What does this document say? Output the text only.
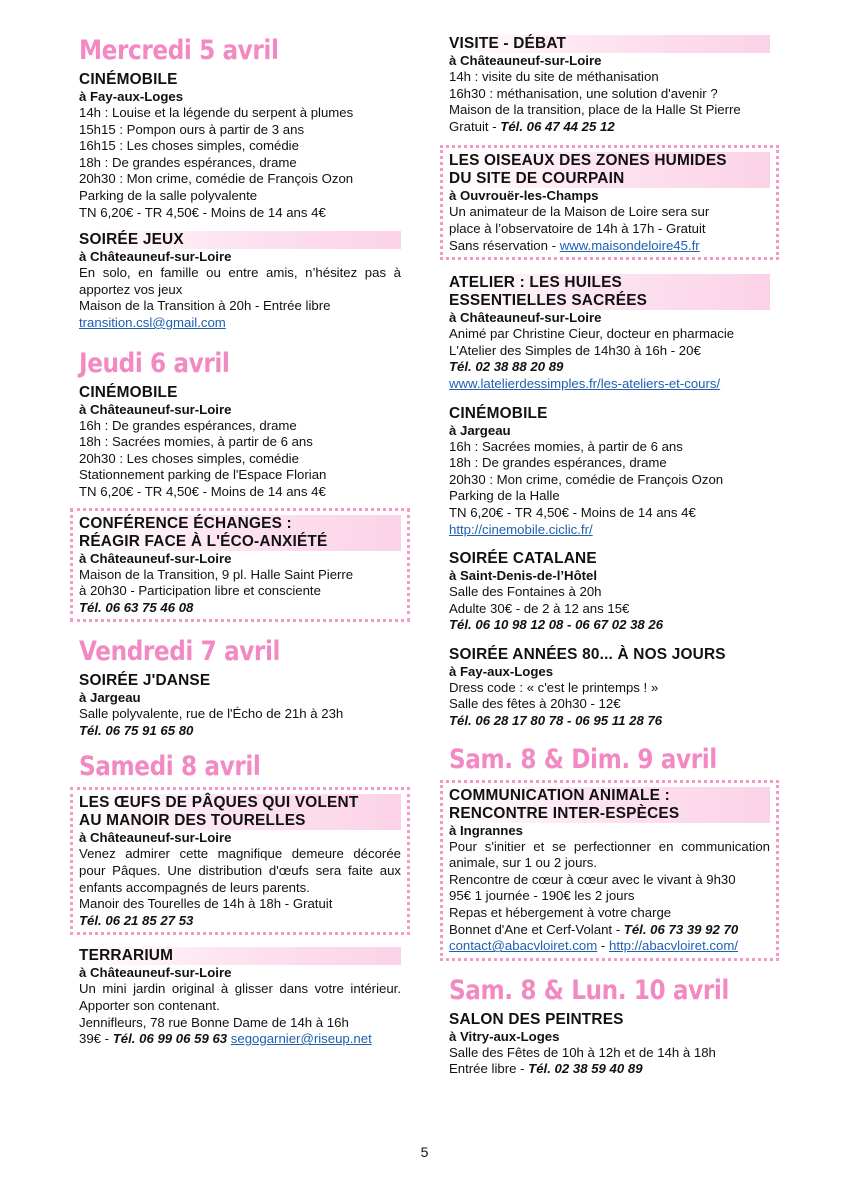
Mercredi 5 avril
CINÉMOBILE
à Fay-aux-Loges
14h : Louise et la légende du serpent à plumes
15h15 : Pompon ours à partir de 3 ans
16h15 : Les choses simples, comédie
18h : De grandes espérances, drame
20h30 : Mon crime, comédie de François Ozon
Parking de la salle polyvalente
TN 6,20€ - TR 4,50€ - Moins de 14 ans 4€
SOIRÉE JEUX
à Châteauneuf-sur-Loire
En solo, en famille ou entre amis, n’hésitez pas à apportez vos jeux
Maison de la Transition à 20h - Entrée libre
transition.csl@gmail.com
Jeudi 6 avril
CINÉMOBILE
à Châteauneuf-sur-Loire
16h : De grandes espérances, drame
18h : Sacrées momies, à partir de 6 ans
20h30 : Les choses simples, comédie
Stationnement parking de l'Espace Florian
TN 6,20€ - TR 4,50€ - Moins de 14 ans 4€
CONFÉRENCE ÉCHANGES :
RÉAGIR FACE À L'ÉCO-ANXIÉTÉ
à Châteauneuf-sur-Loire
Maison de la Transition, 9 pl. Halle Saint Pierre
à 20h30 - Participation libre et consciente
Tél. 06 63 75 46 08
Vendredi 7 avril
SOIRÉE J'DANSE
à Jargeau
Salle polyvalente, rue de l'Écho de 21h à 23h
Tél. 06 75 91 65 80
Samedi 8 avril
LES ŒUFS DE PÂQUES QUI VOLENT
AU MANOIR DES TOURELLES
à Châteauneuf-sur-Loire
Venez admirer cette magnifique demeure décorée pour Pâques. Une distribution d'œufs sera faite aux enfants accompagnés de leurs parents.
Manoir des Tourelles de 14h à 18h - Gratuit
Tél. 06 21 85 27 53
TERRARIUM
à Châteauneuf-sur-Loire
Un mini jardin original à glisser dans votre intérieur. Apporter son contenant.
Jennifleurs, 78 rue Bonne Dame de 14h à 16h
39€ - Tél. 06 99 06 59 63 segogarnier@riseup.net
VISITE - DÉBAT
à Châteauneuf-sur-Loire
14h : visite du site de méthanisation
16h30 : méthanisation, une solution d'avenir ?
Maison de la transition, place de la Halle St Pierre
Gratuit - Tél. 06 47 44 25 12
LES OISEAUX DES ZONES HUMIDES
DU SITE DE COURPAIN
à Ouvrouër-les-Champs
Un animateur de la Maison de Loire sera sur
place à l’observatoire de 14h à 17h - Gratuit
Sans réservation - www.maisondeloire45.fr
ATELIER : LES HUILES
ESSENTIELLES SACRÉES
à Châteauneuf-sur-Loire
Animé par Christine Cieur, docteur en pharmacie
L'Atelier des Simples de 14h30 à 16h - 20€
Tél. 02 38 88 20 89
www.latelierdessimples.fr/les-ateliers-et-cours/
CINÉMOBILE
à Jargeau
16h : Sacrées momies, à partir de 6 ans
18h : De grandes espérances, drame
20h30 : Mon crime, comédie de François Ozon
Parking de la Halle
TN 6,20€ - TR 4,50€ - Moins de 14 ans 4€
http://cinemobile.ciclic.fr/
SOIRÉE CATALANE
à Saint-Denis-de-l’Hôtel
Salle des Fontaines à 20h
Adulte 30€ - de 2 à 12 ans 15€
Tél. 06 10 98 12 08 - 06 67 02 38 26
SOIRÉE ANNÉES 80... À NOS JOURS
à Fay-aux-Loges
Dress code : « c'est le printemps ! »
Salle des fêtes à 20h30 - 12€
Tél. 06 28 17 80 78 - 06 95 11 28 76
Sam. 8 & Dim. 9 avril
COMMUNICATION ANIMALE :
RENCONTRE INTER-ESPÈCES
à Ingrannes
Pour s'initier et se perfectionner en communication animale, sur 1 ou 2 jours.
Rencontre de cœur à cœur avec le vivant à 9h30
95€ 1 journée - 190€ les 2 jours
Repas et hébergement à votre charge
Bonnet d'Ane et Cerf-Volant - Tél. 06 73 39 92 70
contact@abacvloiret.com - http://abacvloiret.com/
Sam. 8 & Lun. 10 avril
SALON DES PEINTRES
à Vitry-aux-Loges
Salle des Fêtes de 10h à 12h et de 14h à 18h
Entrée libre - Tél. 02 38 59 40 89
5
